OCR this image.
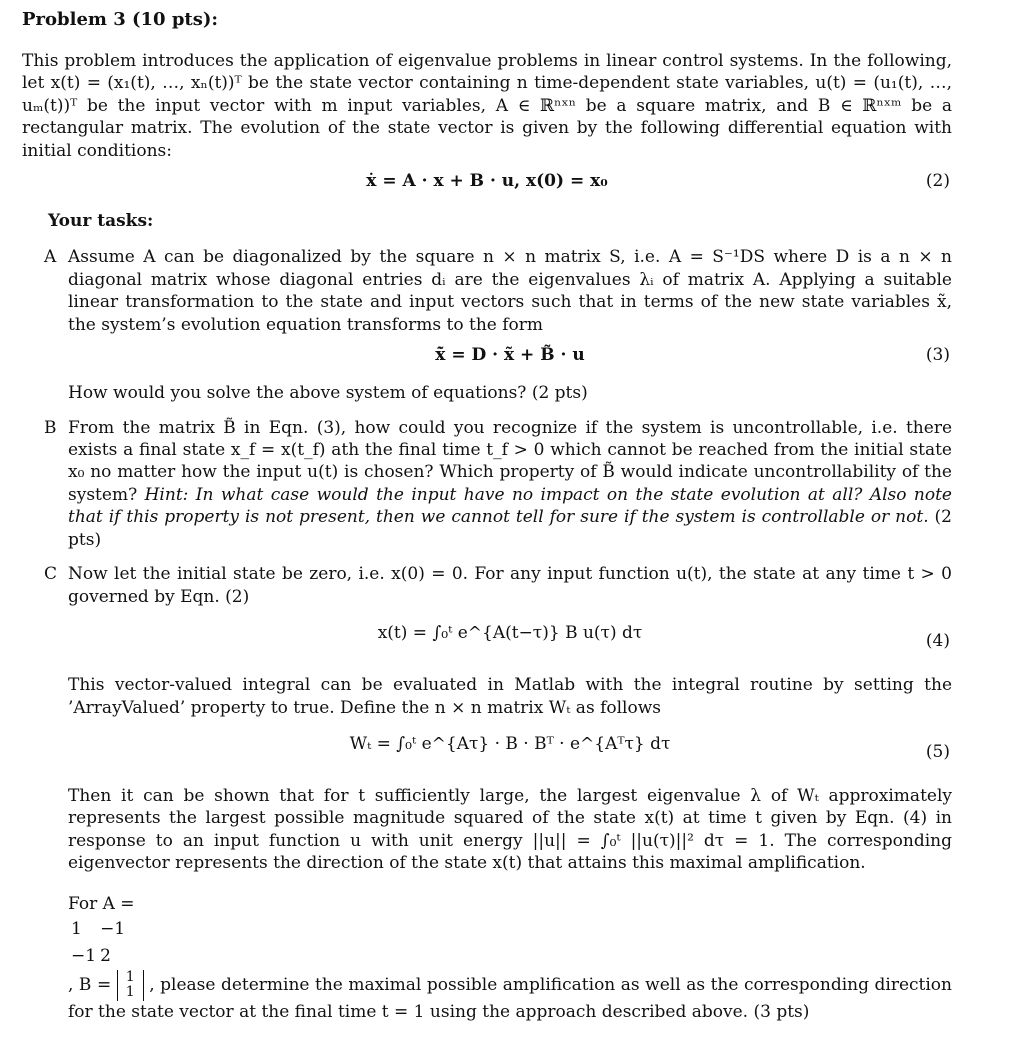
Problem 3 (10 pts):

This problem introduces the application of eigenvalue problems in linear control systems. In the following, let x(t) = (x₁(t), …, xₙ(t))ᵀ be the state vector containing n time-dependent state variables, u(t) = (u₁(t), …, uₘ(t))ᵀ be the input vector with m input variables, A ∈ ℝⁿˣⁿ be a square matrix, and B ∈ ℝⁿˣᵐ be a rectangular matrix. The evolution of the state vector is given by the following differential equation with initial conditions:

ẋ = A · x + B · u, x(0) = x₀	(2)
Your tasks:
A Assume A can be diagonalized by the square n × n matrix S, i.e. A = S⁻¹DS where D is a n × n diagonal matrix whose diagonal entries dᵢ are the eigenvalues λᵢ of matrix A. Applying a suitable linear transformation to the state and input vectors such that in terms of the new state variables x̃, the system’s evolution equation transforms to the form

x̃̇ = D · x̃ + B̃ · u	(3)

How would you solve the above system of equations? (2 pts)

B From the matrix B̃ in Eqn. (3), how could you recognize if the system is uncontrollable, i.e. there exists a final state x_f = x(t_f) ath the final time t_f > 0 which cannot be reached from the initial state x₀ no matter how the input u(t) is chosen? Which property of B̃ would indicate uncontrollability of the system? Hint: In what case would the input have no impact on the state evolution at all? Also note that if this property is not present, then we cannot tell for sure if the system is controllable or not. (2 pts)

C Now let the initial state be zero, i.e. x(0) = 0. For any input function u(t), the state at any time t > 0 governed by Eqn. (2)

x(t) = ∫₀ᵗ e^{A(t−τ)} B u(τ) dτ	(4)

This vector-valued integral can be evaluated in Matlab with the integral routine by setting the ’ArrayValued’ property to true. Define the n × n matrix Wₜ as follows

Wₜ = ∫₀ᵗ e^{Aτ} · B · Bᵀ · e^{Aᵀτ} dτ	(5)

Then it can be shown that for t sufficiently large, the largest eigenvalue λ of Wₜ approximately represents the largest possible magnitude squared of the state x(t) at time t given by Eqn. (4) in response to an input function u with unit energy ||u|| = ∫₀ᵗ ||u(τ)||² dτ = 1. The corresponding eigenvector represents the direction of the state x(t) that attains this maximal amplification.

For A =

1	−1
−1	2
, B = 1
1 , please determine the maximal possible amplification as well as the corresponding direction for the state vector at the final time t = 1 using the approach described above. (3 pts)
